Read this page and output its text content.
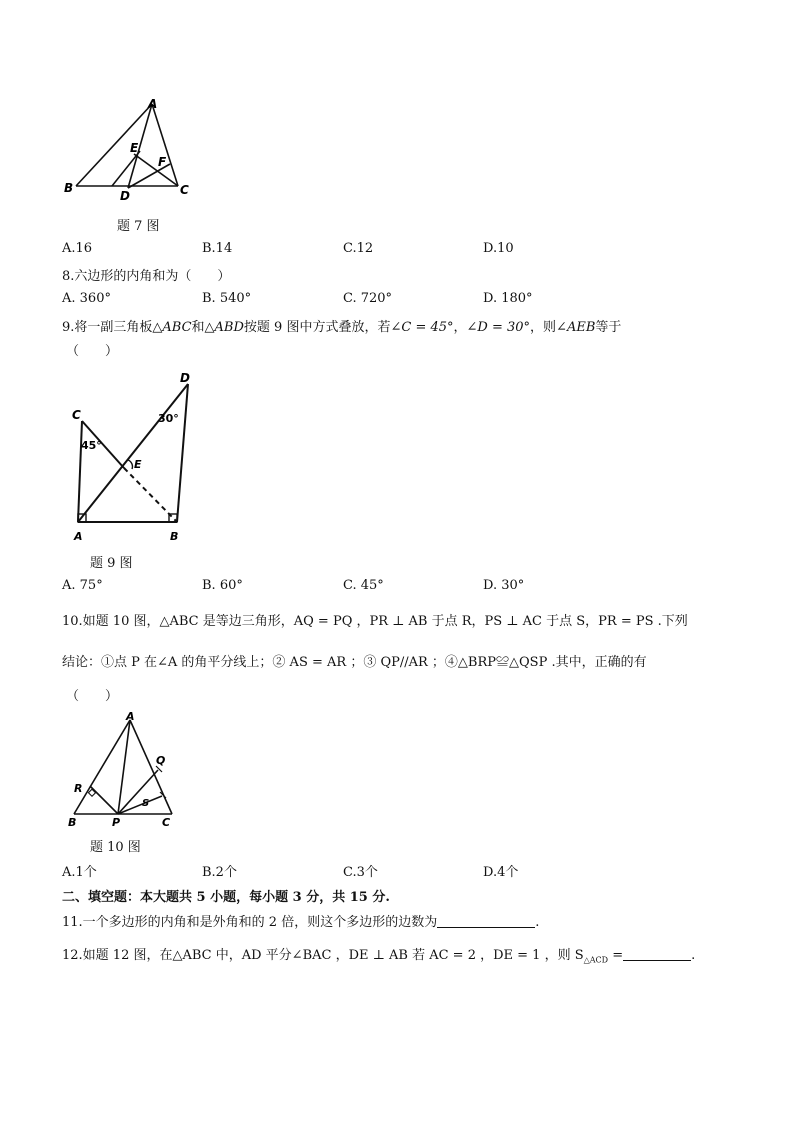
A
B	C
D
E
F
题 7 图
A.16	B.14	C.12	D.10
8.六边形的内角和为（　　）
A. 360°	B. 540°	C. 720°	D. 180°
9.将一副三角板△ABC和△ABD按题 9 图中方式叠放，若∠C = 45°，∠D = 30°，则∠AEB等于
（　　）
C
D
E
A	B
45°
30°
题 9 图
A. 75°	B. 60°	C. 45°	D. 30°
10.如题 10 图，△ABC 是等边三角形，AQ = PQ ，PR ⊥ AB 于点 R，PS ⊥ AC 于点 S，PR = PS .下列
结论：①点 P 在∠A 的角平分线上；② AS = AR ；③ QP//AR ；④△BRP≌△QSP .其中，正确的有
（　　）
A
Q
R
S
B	P	C
题 10 图
A.1个	B.2个	C.3个	D.4个
二、填空题：本大题共 5 小题，每小题 3 分，共 15 分.
11.一个多边形的内角和是外角和的 2 倍，则这个多边形的边数为	.
12.如题 12 图，在△ABC 中，AD 平分∠BAC ，DE ⊥ AB 若 AC = 2 ，DE = 1 ，则 $S_{\triangle ACD}$ =	.
